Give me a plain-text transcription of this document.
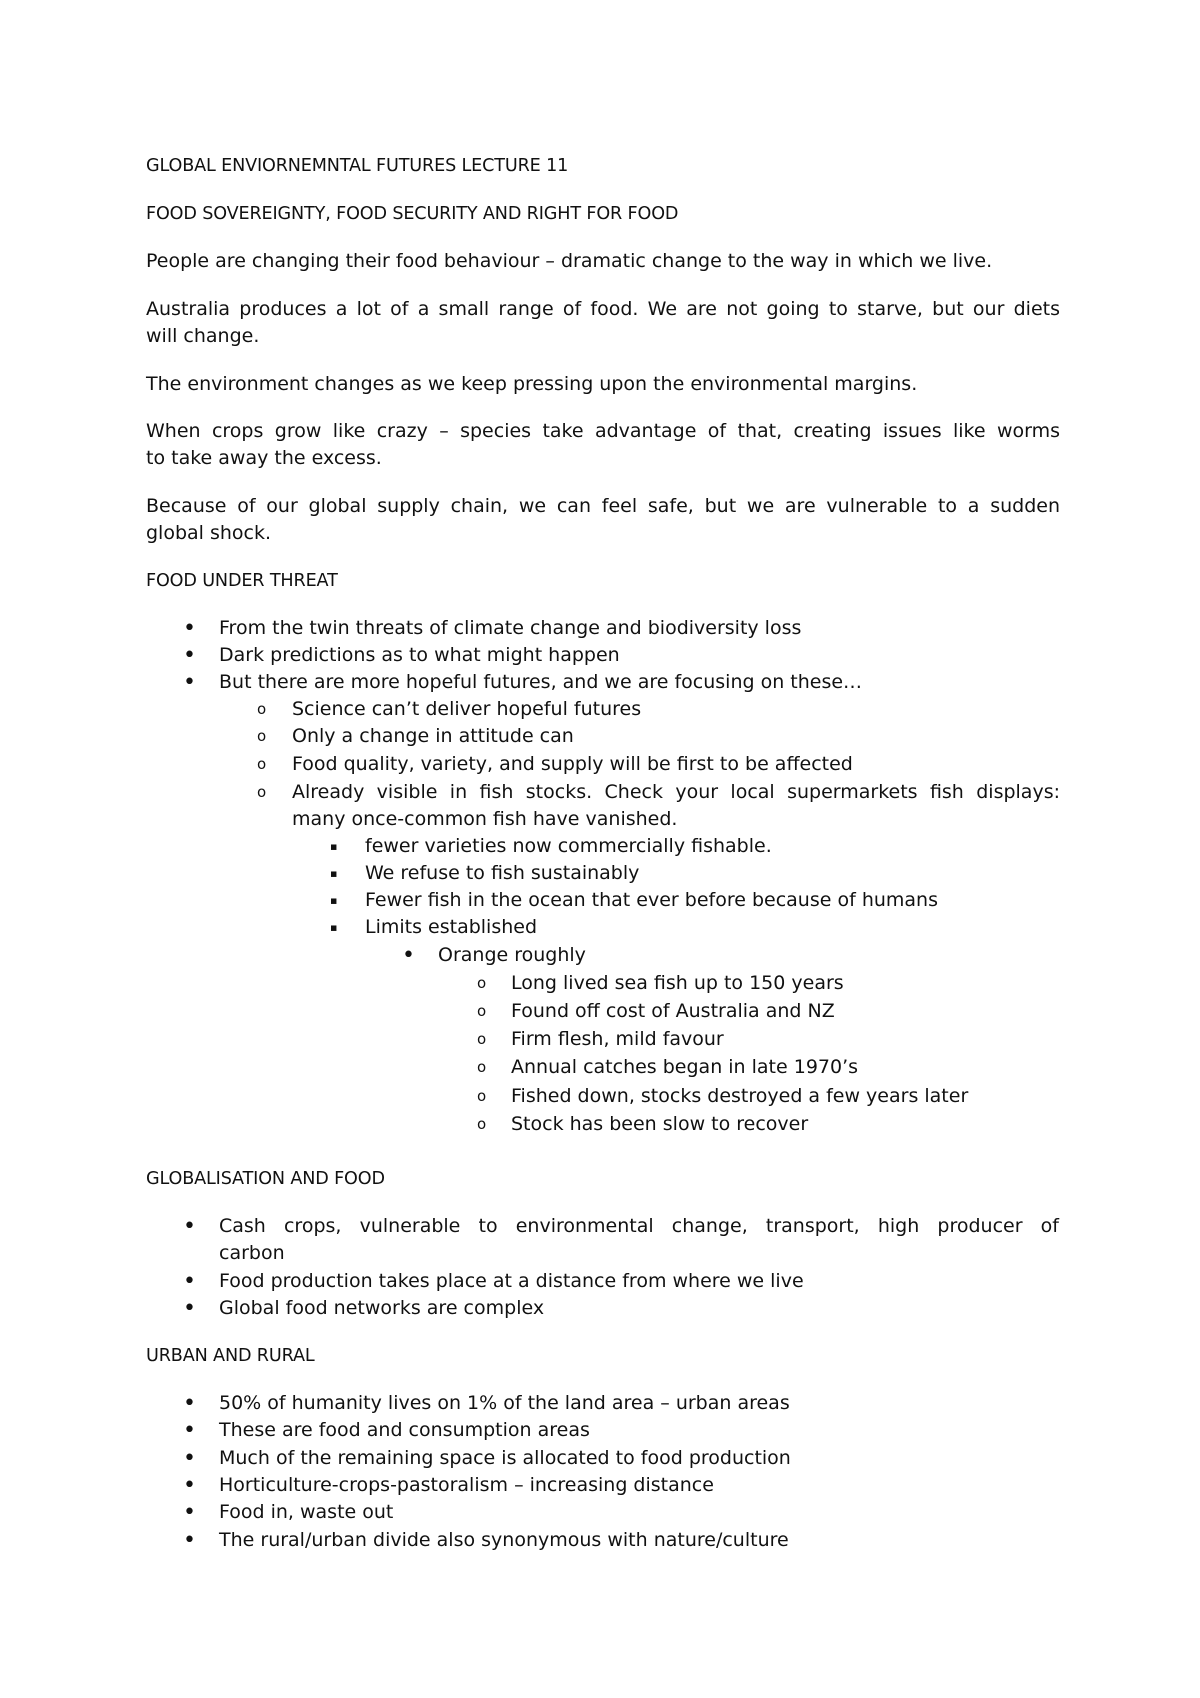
GLOBAL ENVIORNEMNTAL FUTURES LECTURE 11
FOOD SOVEREIGNTY, FOOD SECURITY AND RIGHT FOR FOOD
People are changing their food behaviour – dramatic change to the way in which we live.
Australia produces a lot of a small range of food. We are not going to starve, but our diets
will change.
The environment changes as we keep pressing upon the environmental margins.
When crops grow like crazy – species take advantage of that, creating issues like worms
to take away the excess.
Because of our global supply chain, we can feel safe, but we are vulnerable to a sudden
global shock.
FOOD UNDER THREAT
• From the twin threats of climate change and biodiversity loss
• Dark predictions as to what might happen
• But there are more hopeful futures, and we are focusing on these…
o Science can’t deliver hopeful futures
o Only a change in attitude can
o Food quality, variety, and supply will be first to be affected
o Already visible in fish stocks. Check your local supermarkets fish displays:
many once-common fish have vanished.
▪ fewer varieties now commercially fishable.
▪ We refuse to fish sustainably
▪ Fewer fish in the ocean that ever before because of humans
▪ Limits established
• Orange roughly
o Long lived sea fish up to 150 years
o Found off cost of Australia and NZ
o Firm flesh, mild favour
o Annual catches began in late 1970’s
o Fished down, stocks destroyed a few years later
o Stock has been slow to recover
GLOBALISATION AND FOOD
• Cash crops, vulnerable to environmental change, transport, high producer of
carbon
• Food production takes place at a distance from where we live
• Global food networks are complex
URBAN AND RURAL
• 50% of humanity lives on 1% of the land area – urban areas
• These are food and consumption areas
• Much of the remaining space is allocated to food production
• Horticulture-crops-pastoralism – increasing distance
• Food in, waste out
• The rural/urban divide also synonymous with nature/culture
